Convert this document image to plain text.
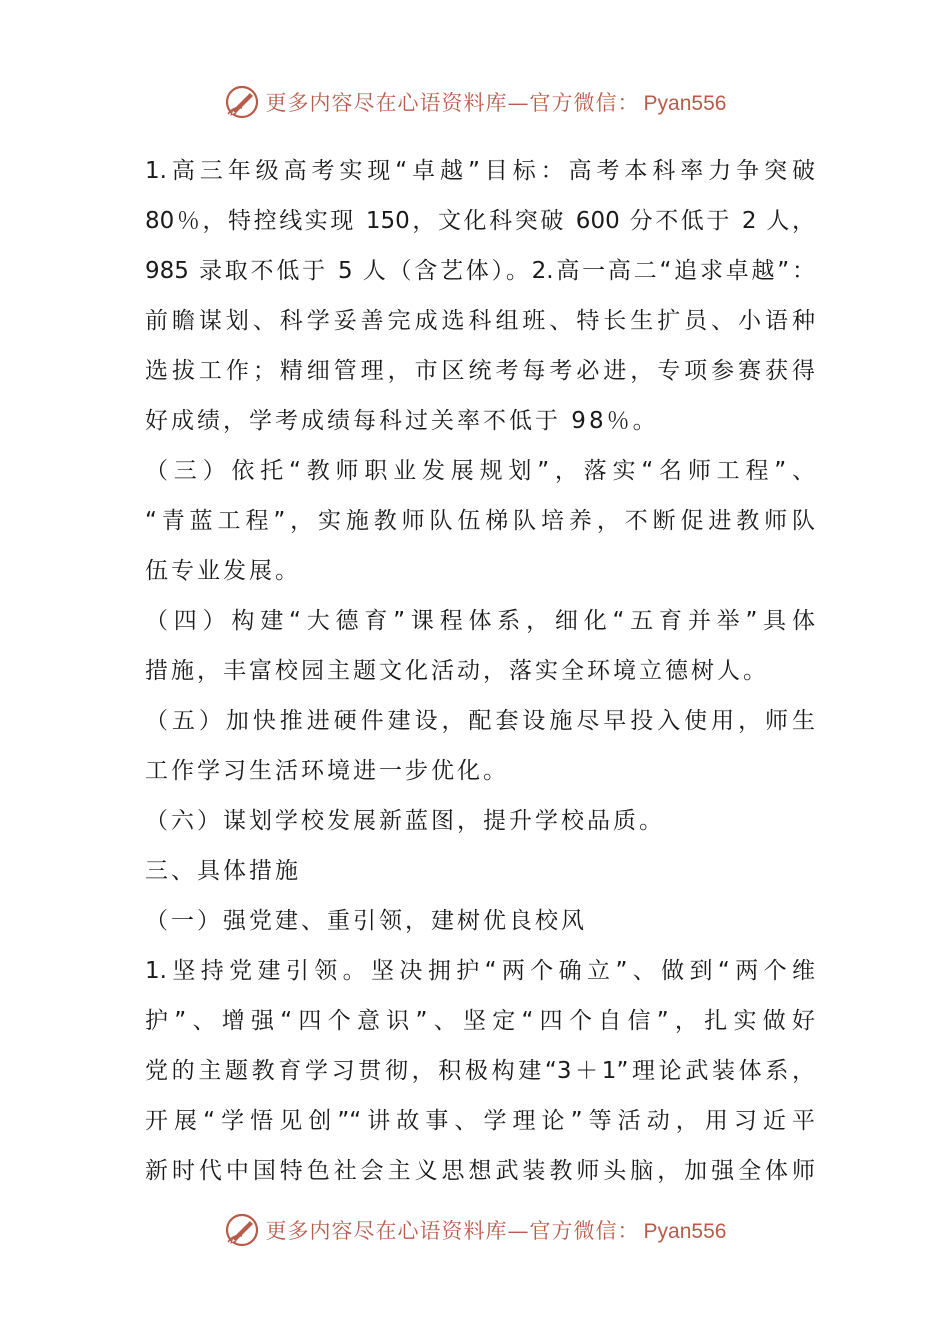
更多内容尽在心语资料库—官方微信： Pyan556
1.高三年级高考实现“卓越”目标：高考本科率力争突破
80％，特控线实现 150，文化科突破 600 分不低于 2 人，
985 录取不低于 5 人（含艺体）。2.高一高二“追求卓越”：
前瞻谋划、科学妥善完成选科组班、特长生扩员、小语种
选拔工作；精细管理，市区统考每考必进，专项参赛获得
好成绩，学考成绩每科过关率不低于 98％。
（三）依托“教师职业发展规划”，落实“名师工程”、
“青蓝工程”，实施教师队伍梯队培养，不断促进教师队
伍专业发展。
（四）构建“大德育”课程体系，细化“五育并举”具体
措施，丰富校园主题文化活动，落实全环境立德树人。
（五）加快推进硬件建设，配套设施尽早投入使用，师生
工作学习生活环境进一步优化。
（六）谋划学校发展新蓝图，提升学校品质。
三、具体措施
（一）强党建、重引领，建树优良校风
1.坚持党建引领。坚决拥护“两个确立”、做到“两个维
护”、增强“四个意识”、坚定“四个自信”，扎实做好
党的主题教育学习贯彻，积极构建“3＋1”理论武装体系，
开展“学悟见创”“讲故事、学理论”等活动，用习近平
新时代中国特色社会主义思想武装教师头脑，加强全体师
更多内容尽在心语资料库—官方微信： Pyan556
